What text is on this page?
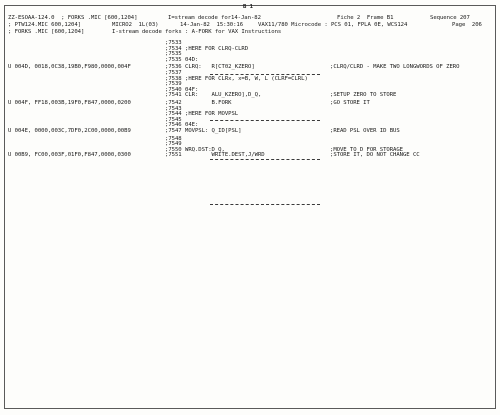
B 1
ZZ-ESOAA-124.0  ; FORKS .MIC [600,1204]	I=stream decode for14-Jan-82	Fiche 2  Frame B1	Sequence 207
; PTW124.MIC 600,1204]	MICRO2  1L(03)	14-Jan-82  15:30:16	VAX11/780 Microcode : PCS 01, FPLA 0E, WCS124	Page  206
; FORKS .MIC [600,1204]	I-stream decode forks : A-FORK for VAX Instructions
;7533
;7534 ;HERE FOR CLRQ-CLRD
;7535
;7535 04D:
U 004D, 0018,0C38,19B0,F980,0000,004F	;7536 CLRQ:   R[CT02_KZERO]	;CLRQ/CLRD - MAKE TWO LONGWORDS OF ZERO
;7537
;7538 ;HERE FOR CLRx, x=B, W, L (CLRF=CLRL)
;7539
;7540 04F:
;7541 CLR:    ALU_KZERO],D_Q,	;SETUP ZERO TO STORE
U 004F, FF18,003B,19F0,F847,0000,0200	;7542 B.FORK	;GO STORE IT
;7543
;7544 ;HERE FOR MOVPSL
;7545
;7546 04E:
U 004E, 0000,003C,7DF0,2C00,0000,00B9	;7547 MOVPSL: Q_ID[PSL]	;READ PSL OVER ID BUS
;7548
;7549
;7550 WRQ.DST:D_Q,	;MOVE TO D FOR STORAGE
U 00B9, FC00,003F,01F0,F847,0000,0300	;7551 WRITE.DEST,J/WRD	;STORE IT, DO NOT CHANGE CC
